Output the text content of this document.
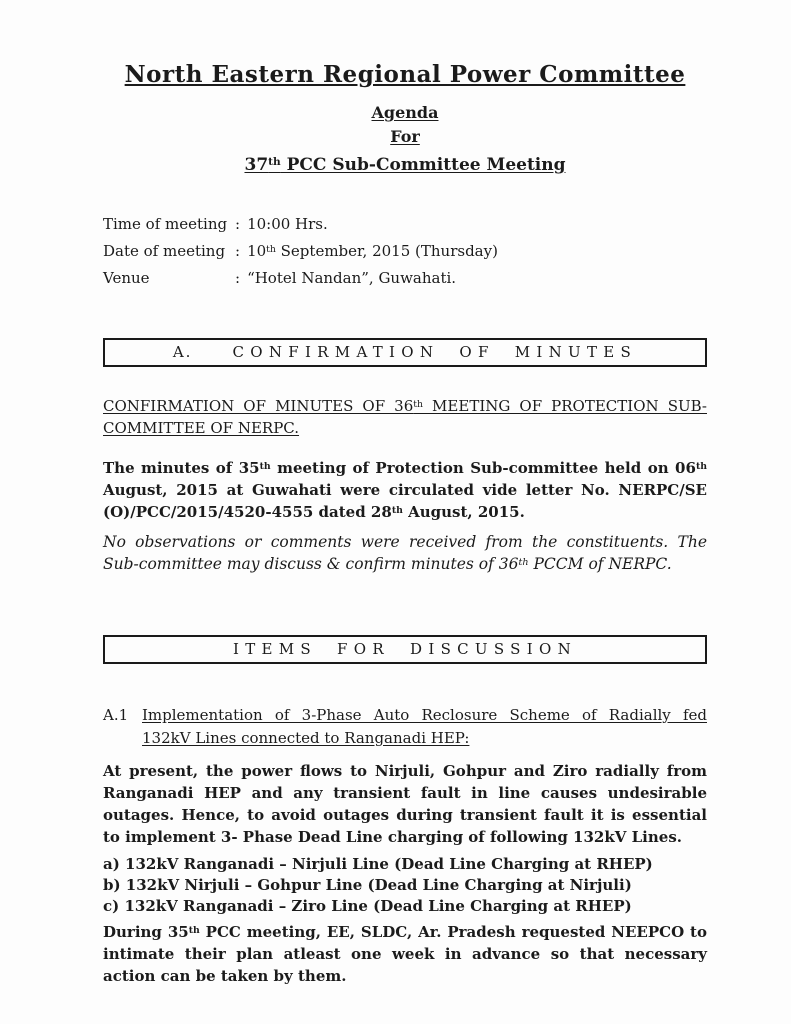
North Eastern Regional Power Committee
Agenda
For
37th PCC Sub-Committee Meeting
Time of meeting : 10:00 Hrs.
Date of meeting : 10th September, 2015 (Thursday)
Venue	: “Hotel Nandan”, Guwahati.
A.	CONFIRMATION OF MINUTES
CONFIRMATION OF MINUTES OF 36th MEETING OF PROTECTION SUB-
COMMITTEE OF NERPC.

The minutes of 35th meeting of Protection Sub-committee held on 06th August, 2015 at Guwahati were circulated vide letter No. NERPC/SE (O)/PCC/2015/4520-4555 dated 28th August, 2015.

No observations or comments were received from the constituents. The Sub-committee may discuss & confirm minutes of 36th PCCM of NERPC.

ITEMS FOR DISCUSSION
A.1 Implementation of 3-Phase Auto Reclosure Scheme of Radially fed
132kV Lines connected to Ranganadi HEP:

At present, the power flows to Nirjuli, Gohpur and Ziro radially from Ranganadi HEP and any transient fault in line causes undesirable outages. Hence, to avoid outages during transient fault it is essential to implement 3- Phase Dead Line charging of following 132kV Lines.

a) 132kV Ranganadi – Nirjuli Line (Dead Line Charging at RHEP)
b) 132kV Nirjuli – Gohpur Line (Dead Line Charging at Nirjuli)
c) 132kV Ranganadi – Ziro Line (Dead Line Charging at RHEP)

During 35th PCC meeting, EE, SLDC, Ar. Pradesh requested NEEPCO to intimate their plan atleast one week in advance so that necessary action can be taken by them.
